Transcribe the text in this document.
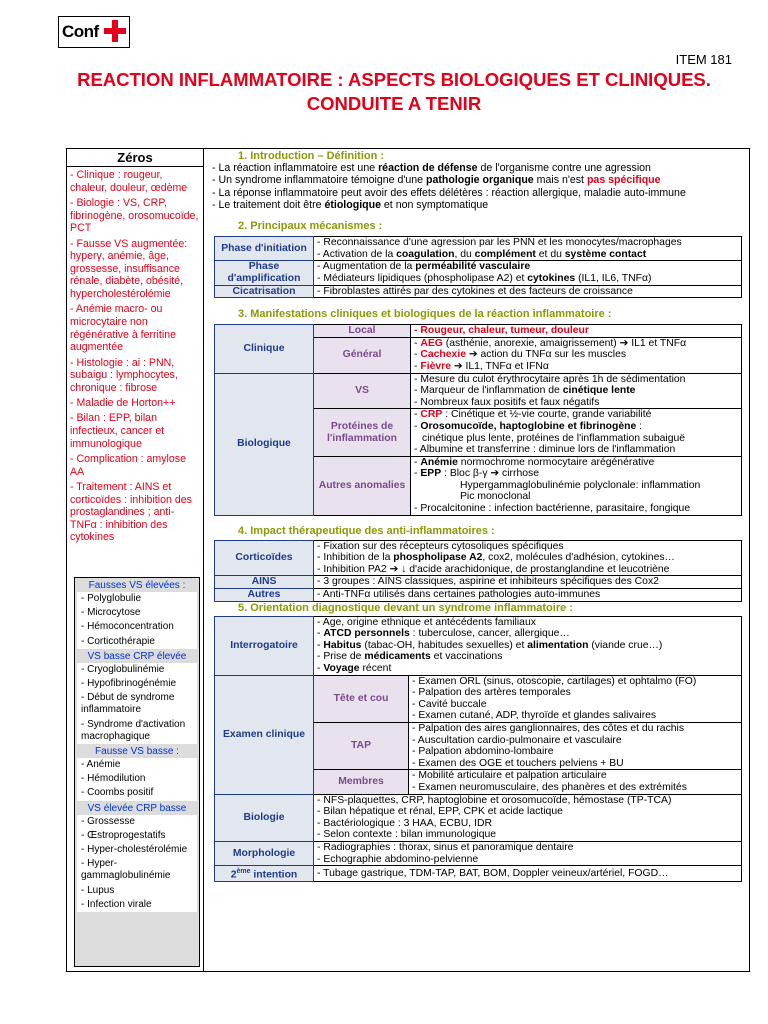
Conf
ITEM 181
REACTION INFLAMMATOIRE : ASPECTS BIOLOGIQUES ET CLINIQUES. CONDUITE A TENIR
Zéros
- Clinique : rougeur, chaleur, douleur, œdème
- Biologie : VS, CRP, fibrinogène, orosomucoïde, PCT
- Fausse VS augmentée: hyperγ, anémie, âge, grossesse, insuffisance rénale, diabète, obésité, hypercholestérolémie
- Anémie macro- ou microcytaire non régénérative à ferritine augmentée
- Histologie : ai : PNN, subaigu : lymphocytes, chronique : fibrose
- Maladie de Horton++
- Bilan : EPP, bilan infectieux, cancer et immunologique
- Complication : amylose AA
- Traitement : AINS et corticoïdes : inhibition des prostaglandines ; anti-TNFα : inhibition des cytokines
Fausses VS élevées :
- Polyglobulie
- Microcytose
- Hémoconcentration
- Corticothérapie
VS basse CRP élevée
- Cryoglobulinémie
- Hypofibrinogénémie
- Début de syndrome inflammatoire
- Syndrome d'activation macrophagique
Fausse VS basse :
- Anémie
- Hémodilution
- Coombs positif
VS élevée CRP basse
- Grossesse
- Œstroprogestatifs
- Hyper-cholestérolémie
- Hyper-gammaglobulinémie
- Lupus
- Infection virale
1. Introduction – Définition :
- La réaction inflammatoire est une réaction de défense de l'organisme contre une agression
- Un syndrome inflammatoire témoigne d'une pathologie organique mais n'est pas spécifique
- La réponse inflammatoire peut avoir des effets délétères : réaction allergique, maladie auto-immune
- Le traitement doit être étiologique et non symptomatique
2. Principaux mécanismes :
Phase d'initiation	- Reconnaissance d'une agression par les PNN et les monocytes/macrophages
- Activation de la coagulation, du complément et du système contact

Phase d'amplification	- Augmentation de la perméabilité vasculaire
- Médiateurs lipidiques (phospholipase A2) et cytokines (IL1, IL6, TNFα)

Cicatrisation	- Fibroblastes attirés par des cytokines et des facteurs de croissance
3. Manifestations cliniques et biologiques de la réaction inflammatoire :
Clinique	Local	- Rougeur, chaleur, tumeur, douleur
	Général	- AEG (asthénie, anorexie, amaigrissement) ➔ IL1 et TNFα
- Cachexie ➔ action du TNFα sur les muscles
- Fièvre ➔ IL1, TNFα et IFNα

Biologique	VS	- Mesure du culot érythrocytaire après 1h de sédimentation
- Marqueur de l'inflammation de cinétique lente
- Nombreux faux positifs et faux négatifs

	Protéines de l'inflammation	- CRP : Cinétique et ½-vie courte, grande variabilité
- Orosomucoïde, haptoglobine et fibrinogène :
cinétique plus lente, protéines de l'inflammation subaiguë
- Albumine et transferrine : diminue lors de l'inflammation

	Autres anomalies	- Anémie normochrome normocytaire arégénérative
- EPP : Bloc β-γ ➔ cirrhose
Hypergammaglobulinémie polyclonale: inflammation
Pic monoclonal
- Procalcitonine : infection bactérienne, parasitaire, fongique
4. Impact thérapeutique des anti-inflammatoires :
Corticoïdes	- Fixation sur des récepteurs cytosoliques spécifiques
- Inhibition de la phospholipase A2, cox2, molécules d'adhésion, cytokines…
- Inhibition PA2 ➔ ↓ d'acide arachidonique, de prostanglandine et leucotriène

AINS	- 3 groupes : AINS classiques, aspirine et inhibiteurs spécifiques des Cox2
Autres	- Anti-TNFα utilisés dans certaines pathologies auto-immunes
5. Orientation diagnostique devant un syndrome inflammatoire :
Interrogatoire	- Age, origine ethnique et antécédents familiaux
- ATCD personnels : tuberculose, cancer, allergique…
- Habitus (tabac-OH, habitudes sexuelles) et alimentation (viande crue…)
- Prise de médicaments et vaccinations
- Voyage récent	

Examen clinique	Tête et cou	- Examen ORL (sinus, otoscopie, cartilages) et ophtalmo (FO)
- Palpation des artères temporales
- Cavité buccale
- Examen cutané, ADP, thyroïde et glandes salivaires

	TAP	- Palpation des aires ganglionnaires, des côtes et du rachis
- Auscultation cardio-pulmonaire et vasculaire
- Palpation abdomino-lombaire
- Examen des OGE et touchers pelviens + BU

	Membres	- Mobilité articulaire et palpation articulaire
- Examen neuromusculaire, des phanères et des extrémités

Biologie	- NFS-plaquettes, CRP, haptoglobine et orosomucoïde, hémostase (TP-TCA)
- Bilan hépatique et rénal, EPP, CPK et acide lactique
- Bactériologique : 3 HAA, ECBU, IDR
- Selon contexte : bilan immunologique	

Morphologie	- Radiographies : thorax, sinus et panoramique dentaire
- Echographie abdomino-pelvienne	

2ème intention	- Tubage gastrique, TDM-TAP, BAT, BOM, Doppler veineux/artériel, FOGD…	
